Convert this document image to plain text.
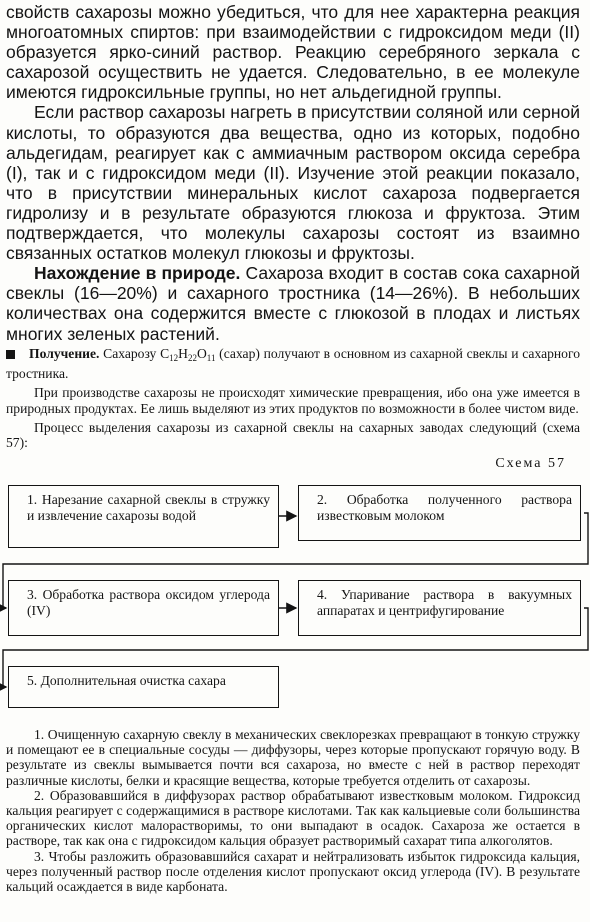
свойств сахарозы можно убедиться, что для нее характерна реакция многоатомных спиртов: при взаимодействии с гидроксидом меди (II) образуется ярко-синий раствор. Реакцию серебряного зеркала с сахарозой осуществить не удается. Следовательно, в ее молекуле имеются гидроксильные группы, но нет альдегидной группы.

Если раствор сахарозы нагреть в присутствии соляной или серной кислоты, то образуются два вещества, одно из которых, подобно альдегидам, реагирует как с аммиачным раствором оксида серебра (I), так и с гидроксидом меди (II). Изучение этой реакции показало, что в присутствии минеральных кислот сахароза подвергается гидролизу и в результате образуются глюкоза и фруктоза. Этим подтверждается, что молекулы сахарозы состоят из взаимно связанных остатков молекул глюкозы и фруктозы.

Нахождение в природе. Сахароза входит в состав сока сахарной свеклы (16—20%) и сахарного тростника (14—26%). В небольших количествах она содержится вместе с глюкозой в плодах и листьях многих зеленых растений.

Получение. Сахарозу $C_{12}H_{22}O_{11}$ (сахар) получают в основном из сахарной свеклы и сахарного тростника.

При производстве сахарозы не происходят химические превращения, ибо она уже имеется в природных продуктах. Ее лишь выделяют из этих продуктов по возможности в более чистом виде.

Процесс выделения сахарозы из сахарной свеклы на сахарных заводах следующий (схема 57):

Схема 57
1. Нарезание сахарной свеклы в стружку и извлечение сахарозы водой
2. Обработка полученного раствора известковым молоком
3. Обработка раствора оксидом углерода (IV)
4. Упаривание раствора в вакуумных аппаратах и центрифугирование
5. Дополнительная очистка сахара

1. Очищенную сахарную свеклу в механических свеклорезках превращают в тонкую стружку и помещают ее в специальные сосуды — диффузоры, через которые пропускают горячую воду. В результате из свеклы вымывается почти вся сахароза, но вместе с ней в раствор переходят различные кислоты, белки и красящие вещества, которые требуется отделить от сахарозы.

2. Образовавшийся в диффузорах раствор обрабатывают известковым молоком. Гидроксид кальция реагирует с содержащимися в растворе кислотами. Так как кальциевые соли большинства органических кислот малорастворимы, то они выпадают в осадок. Сахароза же остается в растворе, так как она с гидроксидом кальция образует растворимый сахарат типа алкоголятов.

3. Чтобы разложить образовавшийся сахарат и нейтрализовать избыток гидроксида кальция, через полученный раствор после отделения кислот пропускают оксид углерода (IV). В результате кальций осаждается в виде карбоната.
